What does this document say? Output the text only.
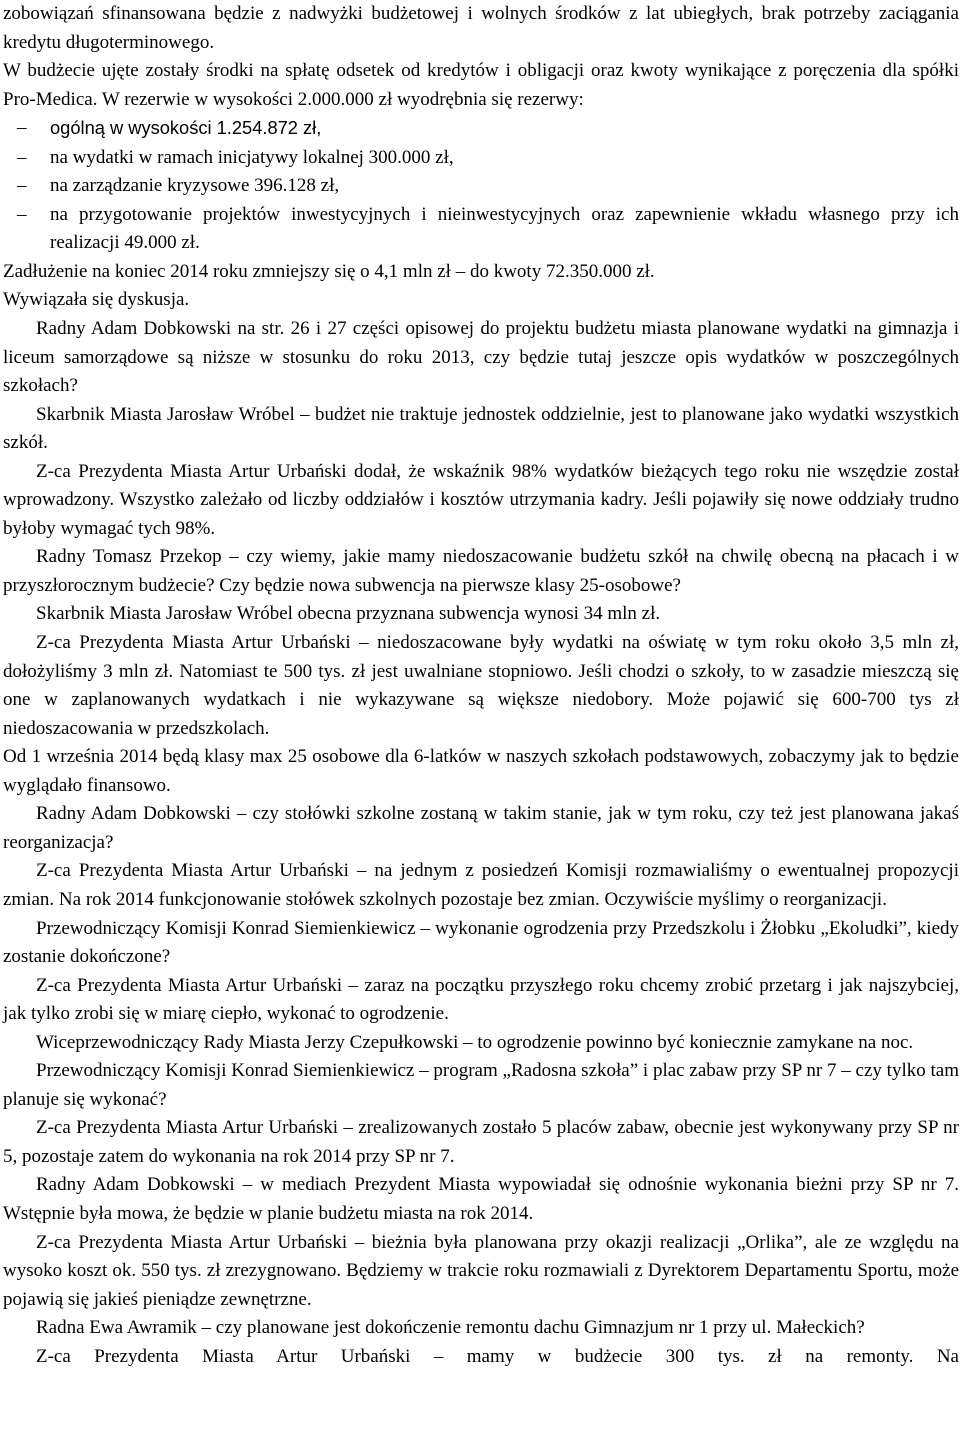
zobowiązań sfinansowana będzie z nadwyżki budżetowej i wolnych środków z lat ubiegłych, brak potrzeby zaciągania kredytu długoterminowego.

W budżecie ujęte zostały środki na spłatę odsetek od kredytów i obligacji oraz kwoty wynikające z poręczenia dla spółki Pro-Medica. W rezerwie w wysokości 2.000.000 zł wyodrębnia się rezerwy:

– ogólną w wysokości 1.254.872 zł,

– na wydatki w ramach inicjatywy lokalnej 300.000 zł,

– na zarządzanie kryzysowe 396.128 zł,

– na przygotowanie projektów inwestycyjnych i nieinwestycyjnych oraz zapewnienie wkładu własnego przy ich realizacji 49.000 zł.

Zadłużenie na koniec 2014 roku zmniejszy się o 4,1 mln zł – do kwoty 72.350.000 zł.

Wywiązała się dyskusja.

Radny Adam Dobkowski na str. 26 i 27 części opisowej do projektu budżetu miasta planowane wydatki na gimnazja i liceum samorządowe są niższe w stosunku do roku 2013, czy będzie tutaj jeszcze opis wydatków w poszczególnych szkołach?

Skarbnik Miasta Jarosław Wróbel – budżet nie traktuje jednostek oddzielnie, jest to planowane jako wydatki wszystkich szkół.

Z-ca Prezydenta Miasta Artur Urbański dodał, że wskaźnik 98% wydatków bieżących tego roku nie wszędzie został wprowadzony. Wszystko zależało od liczby oddziałów i kosztów utrzymania kadry. Jeśli pojawiły się nowe oddziały trudno byłoby wymagać tych 98%.

Radny Tomasz Przekop – czy wiemy, jakie mamy niedoszacowanie budżetu szkół na chwilę obecną na płacach i w przyszłorocznym budżecie? Czy będzie nowa subwencja na pierwsze klasy 25-osobowe?

Skarbnik Miasta Jarosław Wróbel obecna przyznana subwencja wynosi 34 mln zł.

Z-ca Prezydenta Miasta Artur Urbański – niedoszacowane były wydatki na oświatę w tym roku około 3,5 mln zł, dołożyliśmy 3 mln zł. Natomiast te 500 tys. zł jest uwalniane stopniowo. Jeśli chodzi o szkoły, to w zasadzie mieszczą się one w zaplanowanych wydatkach i nie wykazywane są większe niedobory. Może pojawić się 600-700 tys zł niedoszacowania w przedszkolach.

Od 1 września 2014 będą klasy max 25 osobowe dla 6-latków w naszych szkołach podstawowych, zobaczymy jak to będzie wyglądało finansowo.

Radny Adam Dobkowski – czy stołówki szkolne zostaną w takim stanie, jak w tym roku, czy też jest planowana jakaś reorganizacja?

Z-ca Prezydenta Miasta Artur Urbański – na jednym z posiedzeń Komisji rozmawialiśmy o ewentualnej propozycji zmian. Na rok 2014 funkcjonowanie stołówek szkolnych pozostaje bez zmian. Oczywiście myślimy o reorganizacji.

Przewodniczący Komisji Konrad Siemienkiewicz – wykonanie ogrodzenia przy Przedszkolu i Żłobku „Ekoludki”, kiedy zostanie dokończone?

Z-ca Prezydenta Miasta Artur Urbański – zaraz na początku przyszłego roku chcemy zrobić przetarg i jak najszybciej, jak tylko zrobi się w miarę ciepło, wykonać to ogrodzenie.

Wiceprzewodniczący Rady Miasta Jerzy Czepułkowski – to ogrodzenie powinno być koniecznie zamykane na noc.

Przewodniczący Komisji Konrad Siemienkiewicz – program „Radosna szkoła” i plac zabaw przy SP nr 7 – czy tylko tam planuje się wykonać?

Z-ca Prezydenta Miasta Artur Urbański – zrealizowanych zostało 5 placów zabaw, obecnie jest wykonywany przy SP nr 5, pozostaje zatem do wykonania na rok 2014 przy SP nr 7.

Radny Adam Dobkowski – w mediach Prezydent Miasta wypowiadał się odnośnie wykonania bieżni przy SP nr 7. Wstępnie była mowa, że będzie w planie budżetu miasta na rok 2014.

Z-ca Prezydenta Miasta Artur Urbański – bieżnia była planowana przy okazji realizacji „Orlika”, ale ze względu na wysoko koszt ok. 550 tys. zł zrezygnowano. Będziemy w trakcie roku rozmawiali z Dyrektorem Departamentu Sportu, może pojawią się jakieś pieniądze zewnętrzne.

Radna Ewa Awramik – czy planowane jest dokończenie remontu dachu Gimnazjum nr 1 przy ul. Małeckich?

Z-ca Prezydenta Miasta Artur Urbański – mamy w budżecie 300 tys. zł na remonty. Na
